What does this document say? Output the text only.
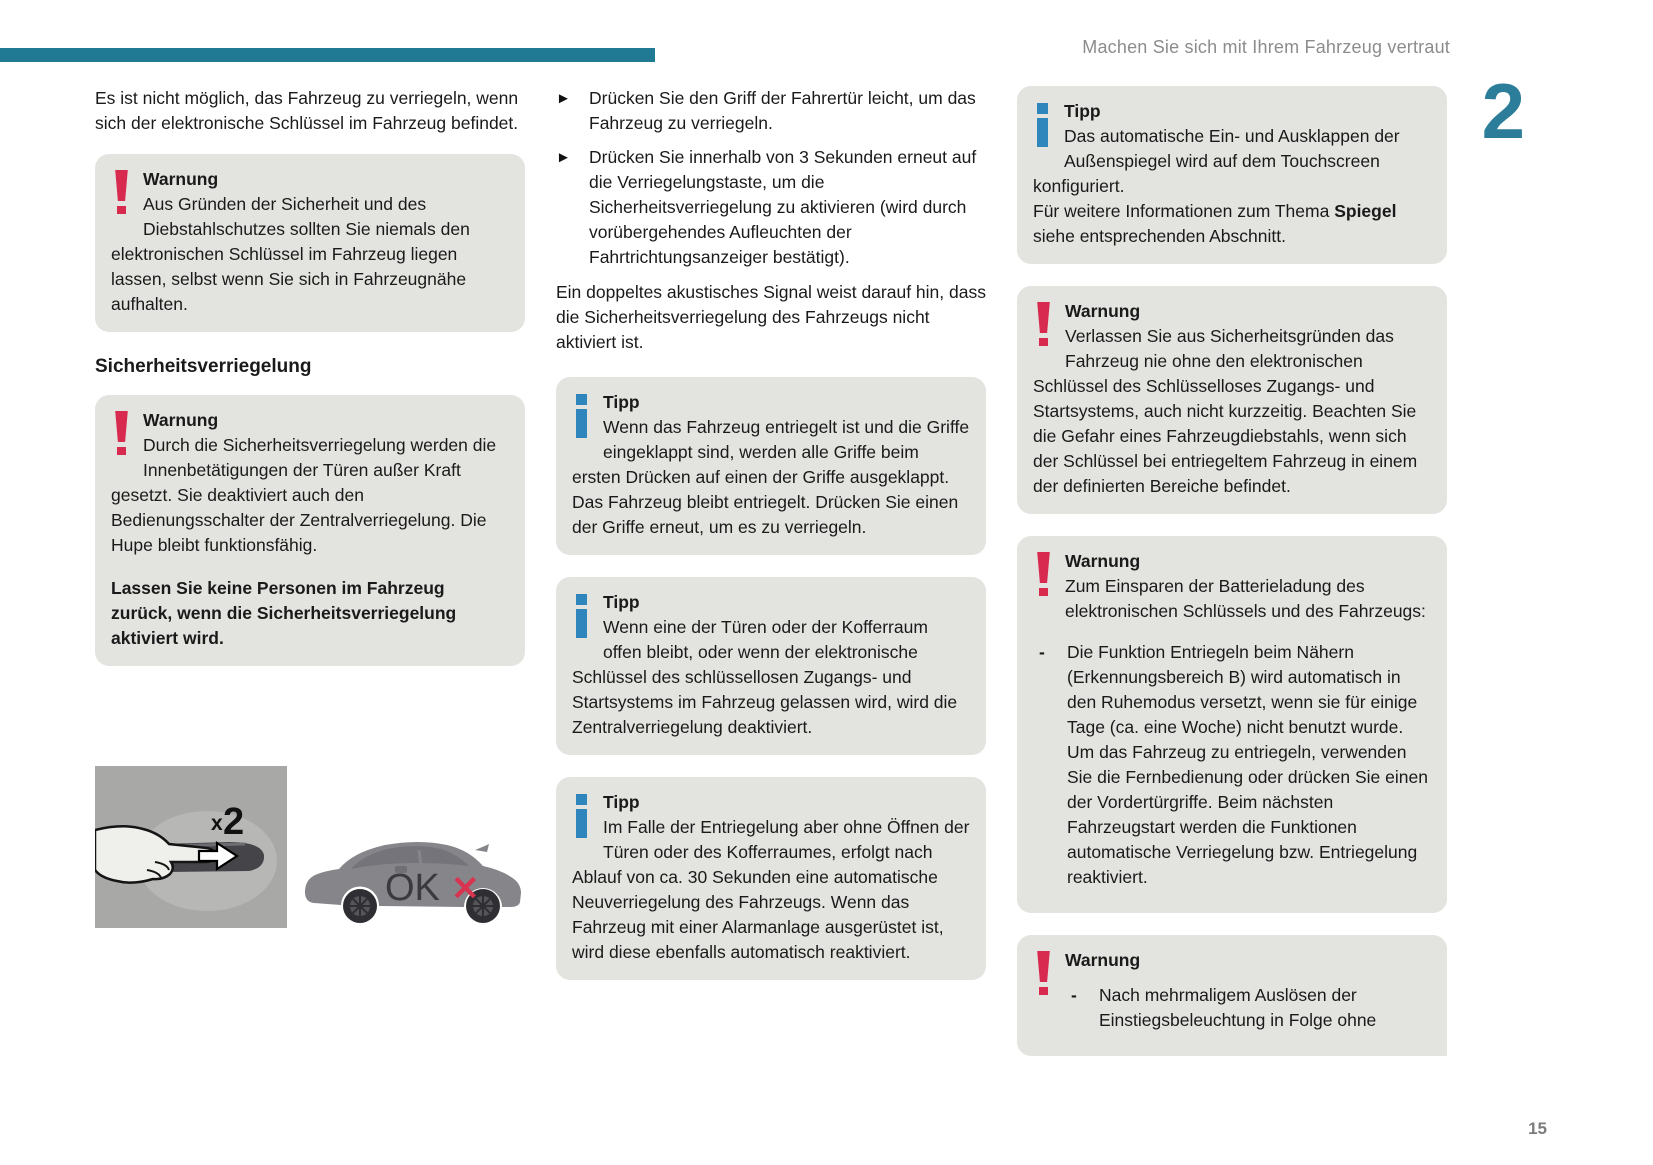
Machen Sie sich mit Ihrem Fahrzeug vertraut
2

Es ist nicht möglich, das Fahrzeug zu verriegeln, wenn sich der elektronische Schlüssel im Fahrzeug befindet.

Warnung
Aus Gründen der Sicherheit und des Diebstahlschutzes sollten Sie niemals den elektronischen Schlüssel im Fahrzeug liegen lassen, selbst wenn Sie sich in Fahrzeugnähe aufhalten.
Sicherheitsverriegelung
Warnung
Durch die Sicherheitsverriegelung werden die Innenbetätigungen der Türen außer Kraft gesetzt. Sie deaktiviert auch den Bedienungsschalter der Zentralverriegelung. Die Hupe bleibt funktionsfähig.
Lassen Sie keine Personen im Fahrzeug zurück, wenn die Sicherheitsverriegelung aktiviert wird.
x 2
OK ✕
►	Drücken Sie den Griff der Fahrertür leicht, um das Fahrzeug zu verriegeln.
►	Drücken Sie innerhalb von 3 Sekunden erneut auf die Verriegelungstaste, um die Sicherheitsverriegelung zu aktivieren (wird durch vorübergehendes Aufleuchten der Fahrtrichtungsanzeiger bestätigt).

Ein doppeltes akustisches Signal weist darauf hin, dass die Sicherheitsverriegelung des Fahrzeugs nicht aktiviert ist.

Tipp
Wenn das Fahrzeug entriegelt ist und die Griffe eingeklappt sind, werden alle Griffe beim ersten Drücken auf einen der Griffe ausgeklappt. Das Fahrzeug bleibt entriegelt. Drücken Sie einen der Griffe erneut, um es zu verriegeln.
Tipp
Wenn eine der Türen oder der Kofferraum offen bleibt, oder wenn der elektronische Schlüssel des schlüssellosen Zugangs- und Startsystems im Fahrzeug gelassen wird, wird die Zentralverriegelung deaktiviert.
Tipp
Im Falle der Entriegelung aber ohne Öffnen der Türen oder des Kofferraumes, erfolgt nach Ablauf von ca. 30 Sekunden eine automatische Neuverriegelung des Fahrzeugs. Wenn das Fahrzeug mit einer Alarmanlage ausgerüstet ist, wird diese ebenfalls automatisch reaktiviert.
Tipp
Das automatische Ein- und Ausklappen der Außenspiegel wird auf dem Touchscreen konfiguriert.
Für weitere Informationen zum Thema Spiegel siehe entsprechenden Abschnitt.
Warnung
Verlassen Sie aus Sicherheitsgründen das Fahrzeug nie ohne den elektronischen Schlüssel des Schlüsselloses Zugangs- und Startsystems, auch nicht kurzzeitig. Beachten Sie die Gefahr eines Fahrzeugdiebstahls, wenn sich der Schlüssel bei entriegeltem Fahrzeug in einem der definierten Bereiche befindet.
Warnung
Zum Einsparen der Batterieladung des elektronischen Schlüssels und des Fahrzeugs:
-	Die Funktion Entriegeln beim Nähern (Erkennungsbereich B) wird automatisch in den Ruhemodus versetzt, wenn sie für einige Tage (ca. eine Woche) nicht benutzt wurde. Um das Fahrzeug zu entriegeln, verwenden Sie die Fernbedienung oder drücken Sie einen der Vordertürgriffe. Beim nächsten Fahrzeugstart werden die Funktionen automatische Verriegelung bzw. Entriegelung reaktiviert.
Warnung
-	Nach mehrmaligem Auslösen der Einstiegsbeleuchtung in Folge ohne
15
